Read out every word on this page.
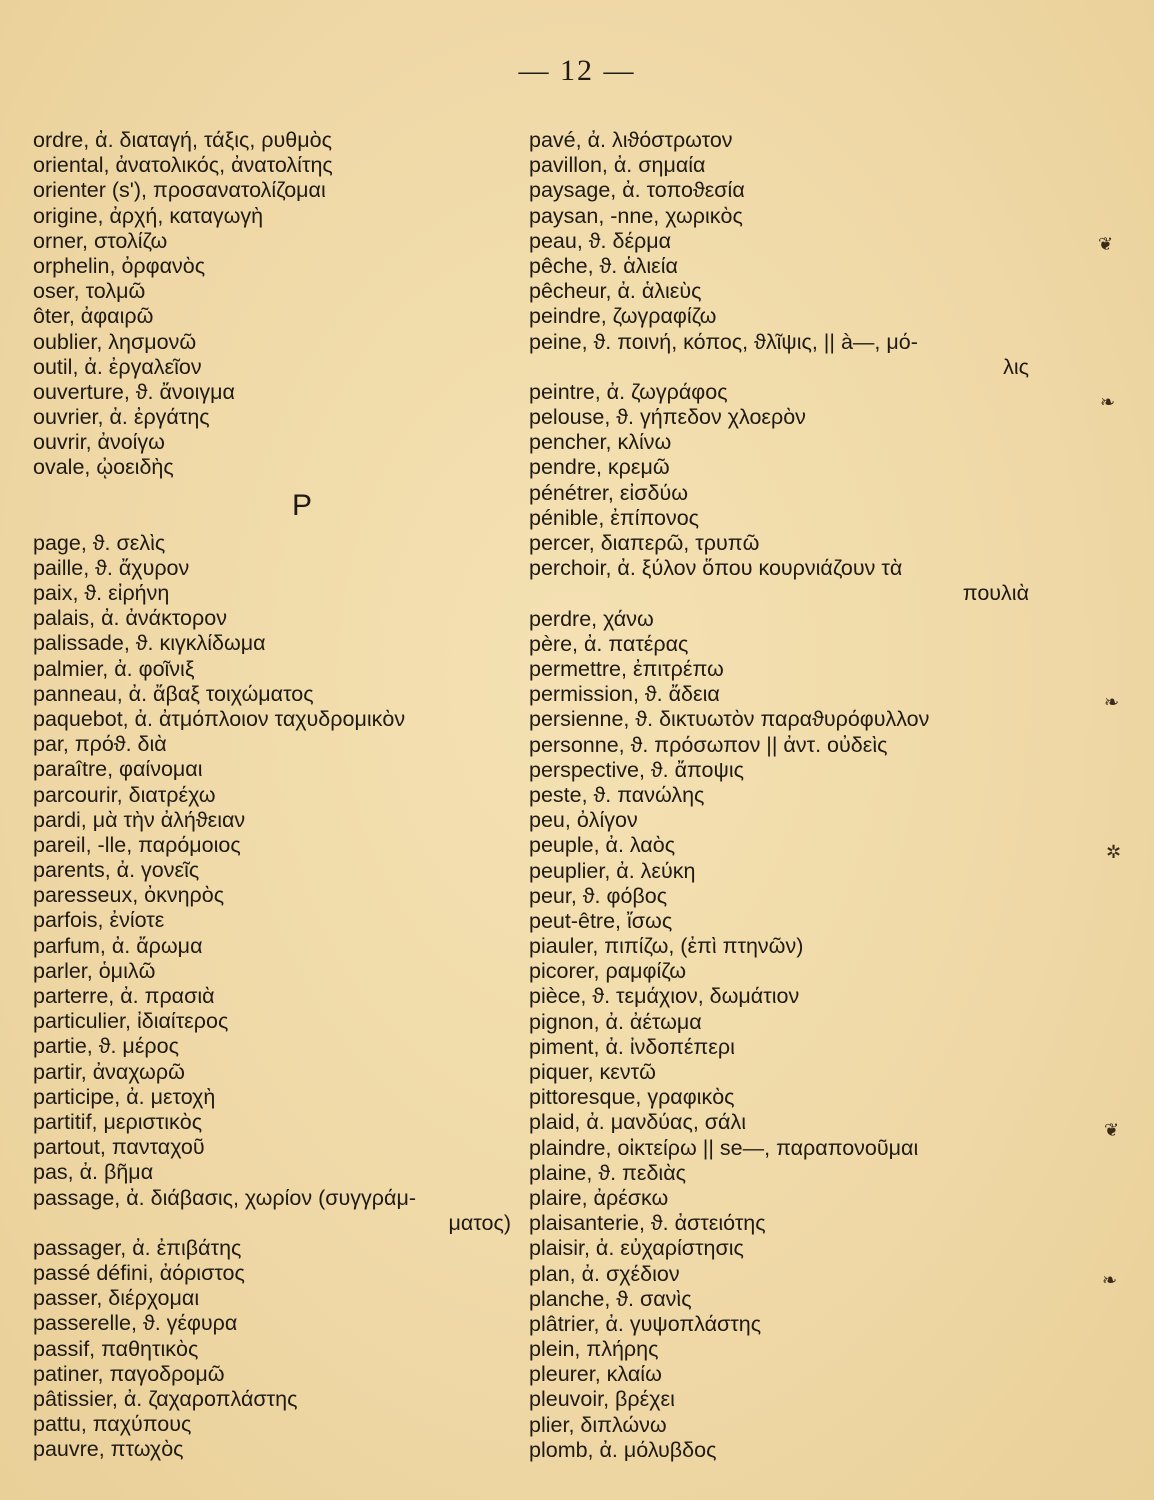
— 12 —
ordre, ἀ. διαταγή, τάξις, ρυθμὸς
oriental, ἀνατολικός, ἀνατολίτης
orienter (s'), προσανατολίζομαι
origine, ἀρχή, καταγωγὴ
orner, στολίζω
orphelin, ὀρφανὸς
oser, τολμῶ
ôter, ἀφαιρῶ
oublier, λησμονῶ
outil, ἀ. ἐργαλεῖον
ouverture, ϑ. ἄνοιγμα
ouvrier, ἀ. ἐργάτης
ouvrir, ἀνοίγω
ovale, ᾠοειδὴς
P
page, ϑ. σελὶς
paille, ϑ. ἄχυρον
paix, ϑ. εἰρήνη
palais, ἀ. ἀνάκτορον
palissade, ϑ. κιγκλίδωμα
palmier, ἀ. φοῖνιξ
panneau, ἀ. ἄβαξ τοιχώματος
paquebot, ἀ. ἀτμόπλοιον ταχυδρομικὸν
par, πρόϑ. διὰ
paraître, φαίνομαι
parcourir, διατρέχω
pardi, μὰ τὴν ἀλήϑειαν
pareil, -lle, παρόμοιος
parents, ἀ. γονεῖς
paresseux, ὀκνηρὸς
parfois, ἐνίοτε
parfum, ἀ. ἄρωμα
parler, ὁμιλῶ
parterre, ἀ. πρασιὰ
particulier, ἰδιαίτερος
partie, ϑ. μέρος
partir, ἀναχωρῶ
participe, ἀ. μετοχὴ
partitif, μεριστικὸς
partout, πανταχοῦ
pas, ἀ. βῆμα
passage, ἀ. διάβασις, χωρίον (συγγράμ-
ματος)
passager, ἀ. ἐπιβάτης
passé défini, ἀόριστος
passer, διέρχομαι
passerelle, ϑ. γέφυρα
passif, παθητικὸς
patiner, παγοδρομῶ
pâtissier, ἀ. ζαχαροπλάστης
pattu, παχύπους
pauvre, πτωχὸς
pavé, ἀ. λιϑόστρωτον
pavillon, ἀ. σημαία
paysage, ἀ. τοποϑεσία
paysan, -nne, χωρικὸς
peau, ϑ. δέρμα
pêche, ϑ. ἁλιεία
pêcheur, ἀ. ἁλιεὺς
peindre, ζωγραφίζω
peine, ϑ. ποινή, κόπος, ϑλῖψις, || à—, μό-
λις
peintre, ἀ. ζωγράφος
pelouse, ϑ. γήπεδον χλοερὸν
pencher, κλίνω
pendre, κρεμῶ
pénétrer, εἰσδύω
pénible, ἐπίπονος
percer, διαπερῶ, τρυπῶ
perchoir, ἀ. ξύλον ὅπου κουρνιάζουν τὰ
πουλιὰ
perdre, χάνω
père, ἀ. πατέρας
permettre, ἐπιτρέπω
permission, ϑ. ἄδεια
persienne, ϑ. δικτυωτὸν παραϑυρόφυλλον
personne, ϑ. πρόσωπον || ἀντ. οὐδεὶς
perspective, ϑ. ἄποψις
peste, ϑ. πανώλης
peu, ὀλίγον
peuple, ἀ. λαὸς
peuplier, ἀ. λεύκη
peur, ϑ. φόβος
peut-être, ἴσως
piauler, πιπίζω, (ἐπὶ πτηνῶν)
picorer, ραμφίζω
pièce, ϑ. τεμάχιον, δωμάτιον
pignon, ἀ. ἀέτωμα
piment, ἀ. ἰνδοπέπερι
piquer, κεντῶ
pittoresque, γραφικὸς
plaid, ἀ. μανδύας, σάλι
plaindre, οἰκτείρω || se—, παραπονοῦμαι
plaine, ϑ. πεδιὰς
plaire, ἀρέσκω
plaisanterie, ϑ. ἀστειότης
plaisir, ἀ. εὐχαρίστησις
plan, ἀ. σχέδιον
planche, ϑ. σανὶς
plâtrier, ἀ. γυψοπλάστης
plein, πλήρης
pleurer, κλαίω
pleuvoir, βρέχει
plier, διπλώνω
plomb, ἀ. μόλυβδος
❦
❧
❧
✲
❦
❧
